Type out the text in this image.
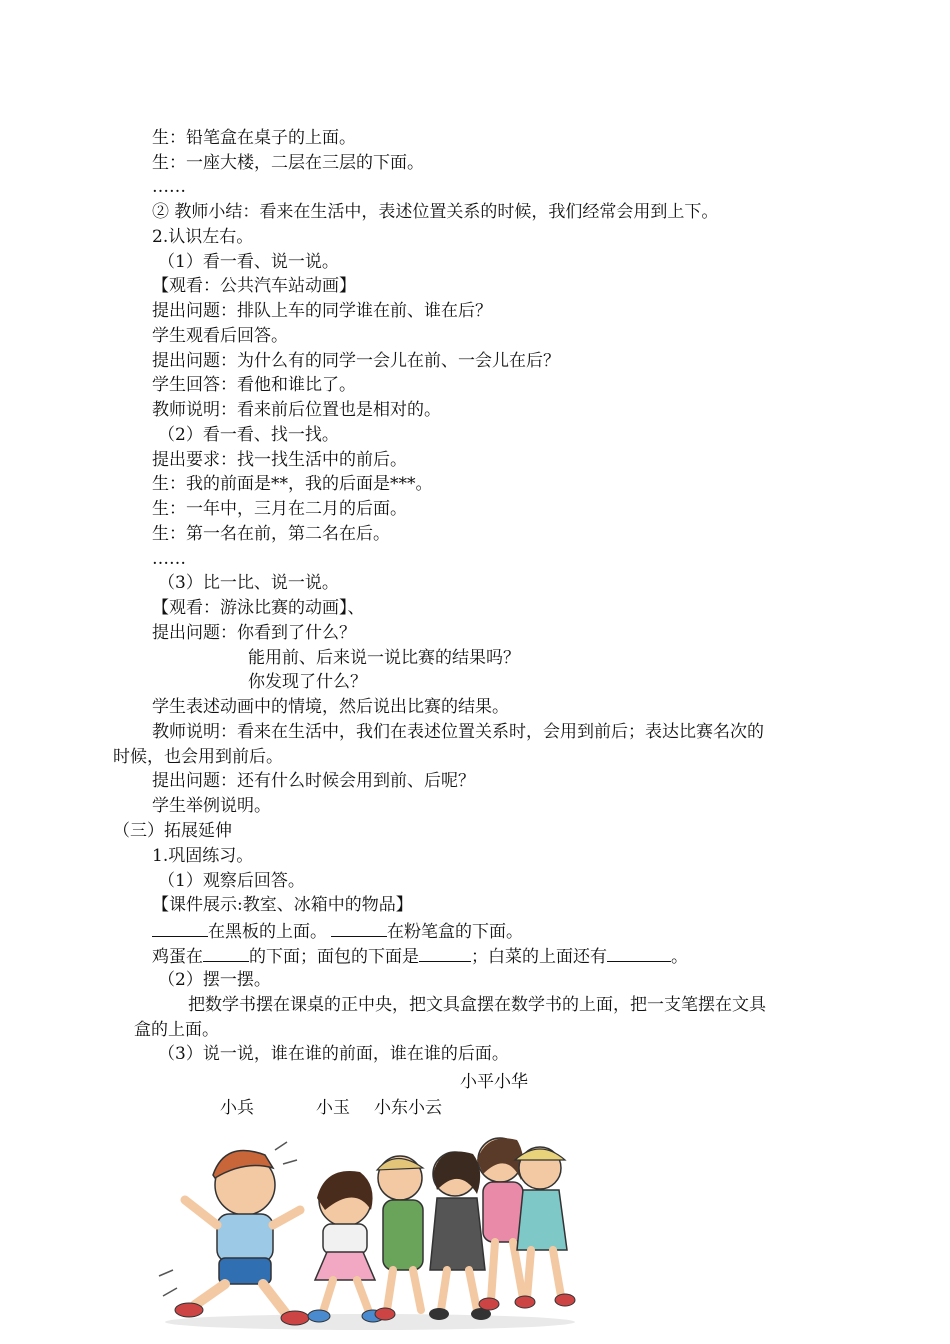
生：铅笔盒在桌子的上面。
生：一座大楼，二层在三层的下面。
……
② 教师小结：看来在生活中，表述位置关系的时候，我们经常会用到上下。
2.认识左右。
（1）看一看、说一说。
【观看：公共汽车站动画】
提出问题：排队上车的同学谁在前、谁在后？
学生观看后回答。
提出问题：为什么有的同学一会儿在前、一会儿在后？
学生回答：看他和谁比了。
教师说明：看来前后位置也是相对的。
（2）看一看、找一找。
提出要求：找一找生活中的前后。
生：我的前面是**，我的后面是***。
生：一年中，三月在二月的后面。
生：第一名在前，第二名在后。
……
（3）比一比、说一说。
【观看：游泳比赛的动画】、
提出问题：你看到了什么？
能用前、后来说一说比赛的结果吗？
你发现了什么？
学生表述动画中的情境，然后说出比赛的结果。
教师说明：看来在生活中，我们在表述位置关系时，会用到前后；表达比赛名次的
时候，也会用到前后。
提出问题：还有什么时候会用到前、后呢？
学生举例说明。
（三）拓展延伸
1.巩固练习。
（1）观察后回答。
【课件展示:教室、冰箱中的物品】
在黑板的上面。	在粉笔盒的下面。
鸡蛋在	的下面；面包的下面是	；白菜的上面还有	。
（2）摆一摆。
把数学书摆在课桌的正中央，把文具盒摆在数学书的上面，把一支笔摆在文具
盒的上面。
（3）说一说，谁在谁的前面，谁在谁的后面。
小平小华
小兵	小玉 小东小云
